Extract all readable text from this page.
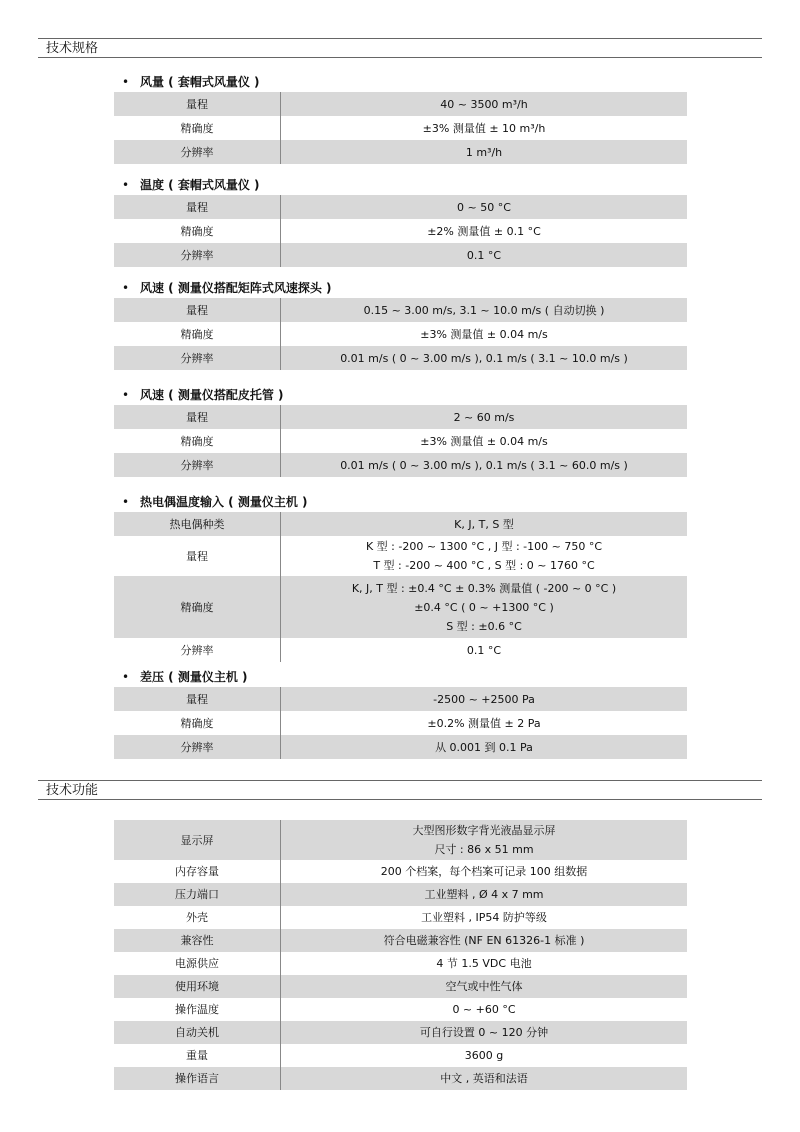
技术规格
• 风量 ( 套帽式风量仪 )
量程	40 ~ 3500 m³/h
精确度	±3% 测量值 ± 10 m³/h
分辨率	1 m³/h
• 温度 ( 套帽式风量仪 )
量程	0 ~ 50 °C
精确度	±2% 测量值 ± 0.1 °C
分辨率	0.1 °C
• 风速 ( 测量仪搭配矩阵式风速探头 )
量程	0.15 ~ 3.00 m/s, 3.1 ~ 10.0 m/s ( 自动切换 )
精确度	±3% 测量值 ± 0.04 m/s
分辨率	0.01 m/s ( 0 ~ 3.00 m/s ), 0.1 m/s ( 3.1 ~ 10.0 m/s )
• 风速 ( 测量仪搭配皮托管 )
量程	2 ~ 60 m/s
精确度	±3% 测量值 ± 0.04 m/s
分辨率	0.01 m/s ( 0 ~ 3.00 m/s ), 0.1 m/s ( 3.1 ~ 60.0 m/s )
• 热电偶温度输入 ( 测量仪主机 )
热电偶种类	K, J, T, S 型
量程	K 型 : -200 ~ 1300 °C , J 型 : -100 ~ 750 °C
T 型 : -200 ~ 400 °C , S 型 : 0 ~ 1760 °C

精确度	K, J, T 型 : ±0.4 °C ± 0.3% 测量值 ( -200 ~ 0 °C )
±0.4 °C ( 0 ~ +1300 °C )
S 型 : ±0.6 °C

分辨率	0.1 °C
• 差压 ( 测量仪主机 )
量程	-2500 ~ +2500 Pa
精确度	±0.2% 测量值 ± 2 Pa
分辨率	从 0.001 到 0.1 Pa
技术功能
显示屏	大型图形数字背光液晶显示屏
尺寸 : 86 x 51 mm

内存容量	200 个档案，每个档案可记录 100 组数据
压力端口	工业塑料 , Ø 4 x 7 mm
外壳	工业塑料 , IP54 防护等级
兼容性	符合电磁兼容性 (NF EN 61326-1 标准 )
电源供应	4 节 1.5 VDC 电池
使用环境	空气或中性气体
操作温度	0 ~ +60 °C
自动关机	可自行设置 0 ~ 120 分钟
重量	3600 g
操作语言	中文 , 英语和法语
